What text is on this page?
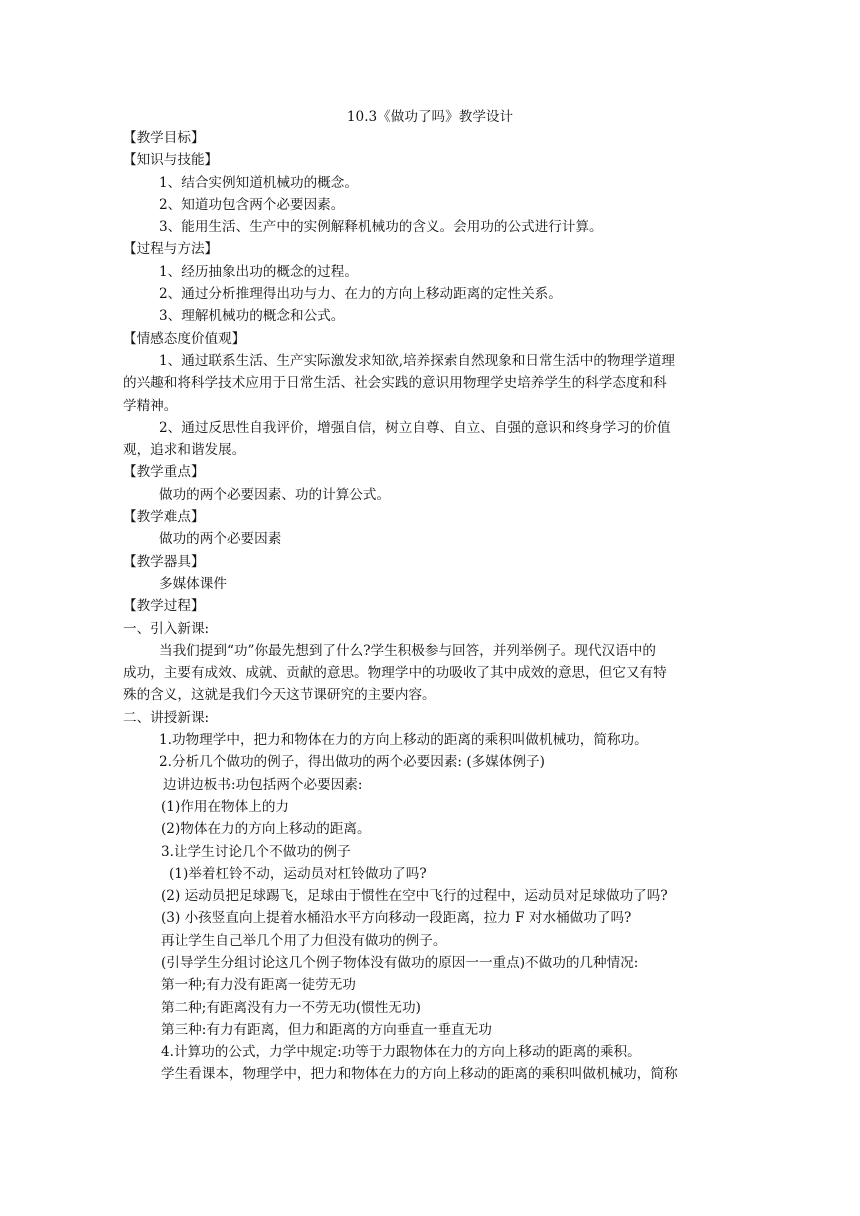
10.3《做功了吗》教学设计
【教学目标】
【知识与技能】
1、结合实例知道机械功的概念。
2、知道功包含两个必要因素。
3、能用生活、生产中的实例解释机械功的含义。会用功的公式进行计算。
【过程与方法】
1、经历抽象出功的概念的过程。
2、通过分析推理得出功与力、在力的方向上移动距离的定性关系。
3、理解机械功的概念和公式。
【情感态度价值观】
1、通过联系生活、生产实际激发求知欲,培养探索自然现象和日常生活中的物理学道理
的兴趣和将科学技术应用于日常生活、社会实践的意识用物理学史培养学生的科学态度和科
学精神。
2、通过反思性自我评价，增强自信，树立自尊、自立、自强的意识和终身学习的价值
观，追求和谐发展。
【教学重点】
做功的两个必要因素、功的计算公式。
【教学难点】
做功的两个必要因素
【教学器具】
多媒体课件
【教学过程】
一、引入新课:
当我们提到“功”你最先想到了什么?学生积极参与回答，并列举例子。现代汉语中的
成功，主要有成效、成就、贡献的意思。物理学中的功吸收了其中成效的意思，但它又有特
殊的含义，这就是我们今天这节课研究的主要内容。
二、讲授新课:
1.功物理学中，把力和物体在力的方向上移动的距离的乘积叫做机械功，简称功。
2.分析几个做功的例子，得出做功的两个必要因素: (多媒体例子)
边讲边板书:功包括两个必要因素:
(1)作用在物体上的力
(2)物体在力的方向上移动的距离。
3.让学生讨论几个不做功的例子
(1)举着杠铃不动，运动员对杠铃做功了吗?
(2) 运动员把足球踢飞，足球由于惯性在空中飞行的过程中，运动员对足球做功了吗?
(3) 小孩竖直向上提着水桶沿水平方向移动一段距离，拉力 F 对水桶做功了吗?
再让学生自己举几个用了力但没有做功的例子。
(引导学生分组讨论这几个例子物体没有做功的原因一一重点)不做功的几种情况:
第一种;有力没有距离一徒劳无功
第二种;有距离没有力一不劳无功(惯性无功)
第三种:有力有距离，但力和距离的方向垂直一垂直无功
4.计算功的公式，力学中规定:功等于力跟物体在力的方向上移动的距离的乘积。
学生看课本，物理学中，把力和物体在力的方向上移动的距离的乘积叫做机械功，简称
